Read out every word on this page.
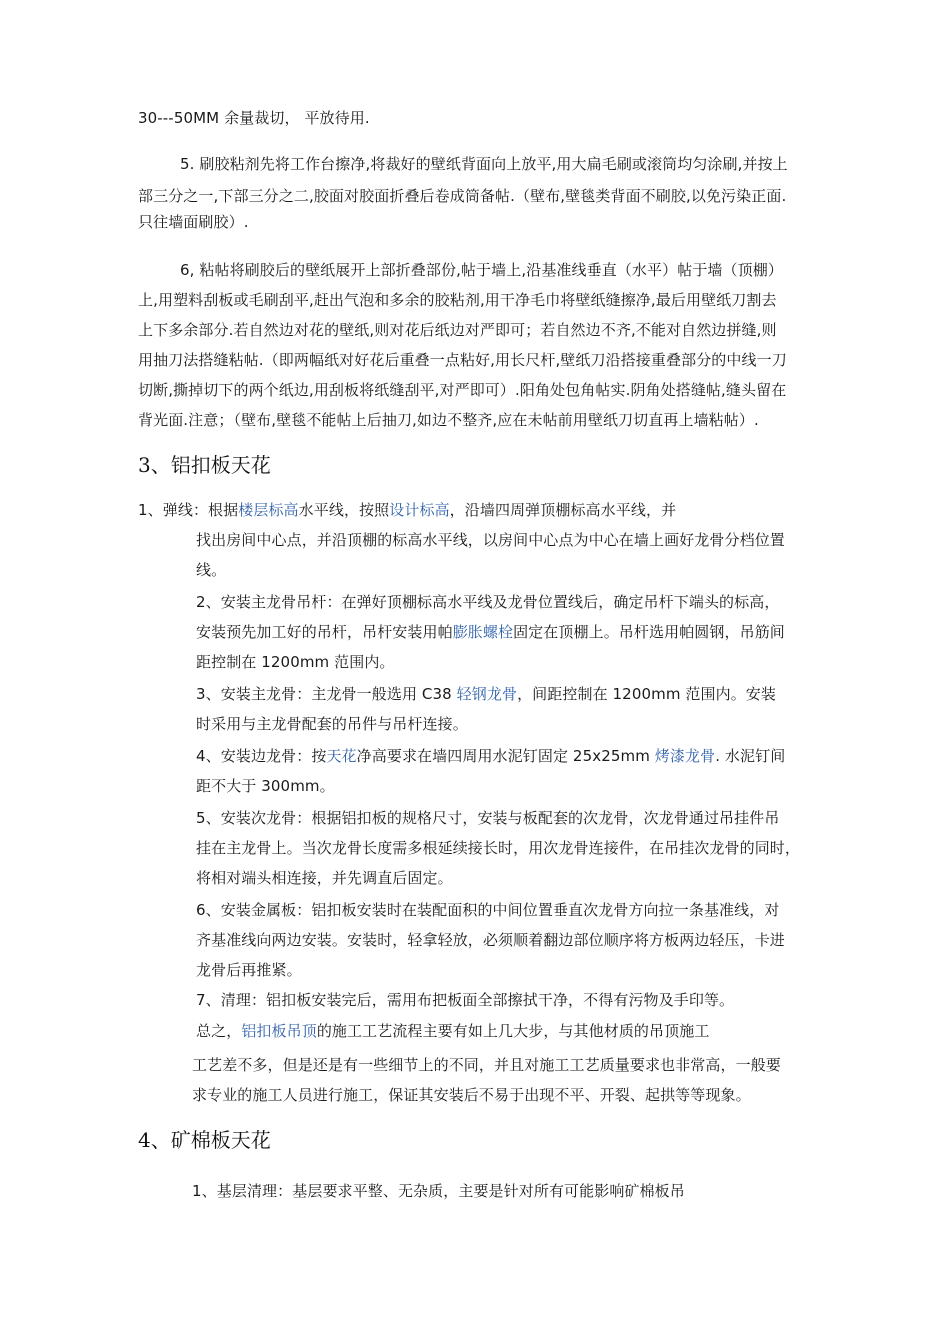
30---50MM 余量裁切， 平放待用.
5. 刷胶粘剂先将工作台擦净,将裁好的壁纸背面向上放平,用大扁毛刷或滚筒均匀涂刷,并按上
部三分之一,下部三分之二,胶面对胶面折叠后卷成筒备帖.（壁布,壁毯类背面不刷胶,以免污染正面.
只往墙面刷胶）.
6, 粘帖将刷胶后的壁纸展开上部折叠部份,帖于墙上,沿基准线垂直（水平）帖于墙（顶棚）
上,用塑料刮板或毛刷刮平,赶出气泡和多余的胶粘剂,用干净毛巾将壁纸缝擦净,最后用壁纸刀割去
上下多余部分.若自然边对花的壁纸,则对花后纸边对严即可；若自然边不齐,不能对自然边拼缝,则
用抽刀法搭缝粘帖.（即两幅纸对好花后重叠一点粘好,用长尺杆,壁纸刀沿搭接重叠部分的中线一刀
切断,撕掉切下的两个纸边,用刮板将纸缝刮平,对严即可）.阳角处包角帖实.阴角处搭缝帖,缝头留在
背光面.注意；（壁布,壁毯不能帖上后抽刀,如边不整齐,应在未帖前用壁纸刀切直再上墙粘帖）.
3、铝扣板天花
1、弹线：根据楼层标高水平线，按照设计标高，沿墙四周弹顶棚标高水平线，并
找出房间中心点，并沿顶棚的标高水平线，以房间中心点为中心在墙上画好龙骨分档位置
线。
2、安装主龙骨吊杆：在弹好顶棚标高水平线及龙骨位置线后，确定吊杆下端头的标高，
安装预先加工好的吊杆，吊杆安装用帕膨胀螺栓固定在顶棚上。吊杆选用帕圆钢，吊筋间
距控制在 1200mm 范围内。
3、安装主龙骨：主龙骨一般选用 C38 轻钢龙骨，间距控制在 1200mm 范围内。安装
时采用与主龙骨配套的吊件与吊杆连接。
4、安装边龙骨：按天花净高要求在墙四周用水泥钉固定 25x25mm 烤漆龙骨. 水泥钉间
距不大于 300mm。
5、安装次龙骨：根据铝扣板的规格尺寸，安装与板配套的次龙骨，次龙骨通过吊挂件吊
挂在主龙骨上。当次龙骨长度需多根延续接长时，用次龙骨连接件，在吊挂次龙骨的同时，
将相对端头相连接，并先调直后固定。
6、安装金属板：铝扣板安装时在装配面积的中间位置垂直次龙骨方向拉一条基准线，对
齐基准线向两边安装。安装时，轻拿轻放，必须顺着翻边部位顺序将方板两边轻压，卡进
龙骨后再推紧。
7、清理：铝扣板安装完后，需用布把板面全部擦拭干净，不得有污物及手印等。
总之，铝扣板吊顶的施工工艺流程主要有如上几大步，与其他材质的吊顶施工
工艺差不多，但是还是有一些细节上的不同，并且对施工工艺质量要求也非常高，一般要
求专业的施工人员进行施工，保证其安装后不易于出现不平、开裂、起拱等等现象。
4、矿棉板天花
1、基层清理：基层要求平整、无杂质，主要是针对所有可能影响矿棉板吊
